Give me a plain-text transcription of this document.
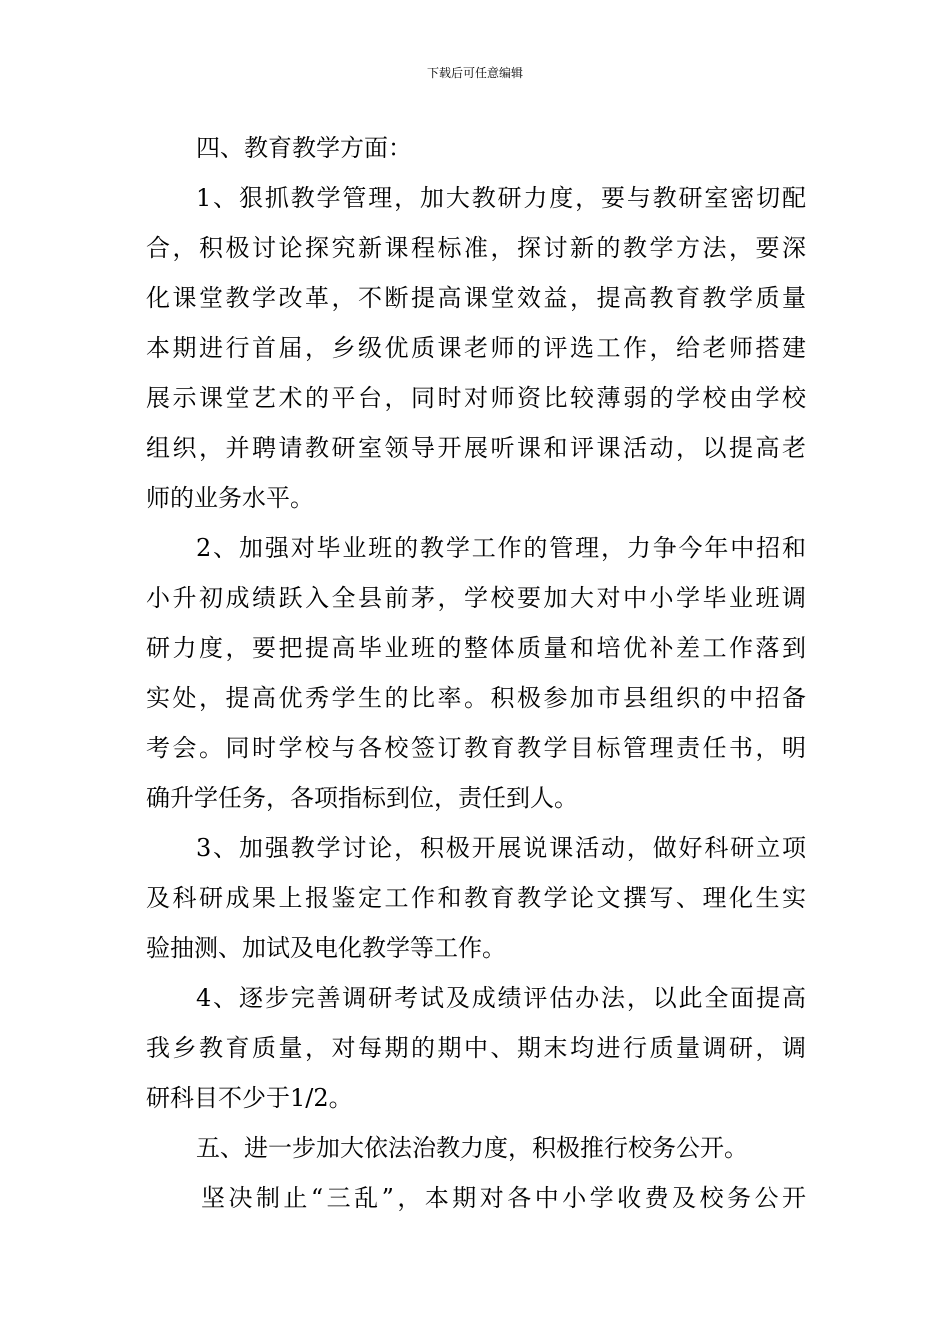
下载后可任意编辑
四、教育教学方面：
1、狠抓教学管理，加大教研力度，要与教研室密切配
合，积极讨论探究新课程标准，探讨新的教学方法，要深
化课堂教学改革，不断提高课堂效益，提高教育教学质量
本期进行首届，乡级优质课老师的评选工作，给老师搭建
展示课堂艺术的平台，同时对师资比较薄弱的学校由学校
组织，并聘请教研室领导开展听课和评课活动，以提高老
师的业务水平。
2、加强对毕业班的教学工作的管理，力争今年中招和
小升初成绩跃入全县前茅，学校要加大对中小学毕业班调
研力度，要把提高毕业班的整体质量和培优补差工作落到
实处，提高优秀学生的比率。积极参加市县组织的中招备
考会。同时学校与各校签订教育教学目标管理责任书，明
确升学任务，各项指标到位，责任到人。
3、加强教学讨论，积极开展说课活动，做好科研立项
及科研成果上报鉴定工作和教育教学论文撰写、理化生实
验抽测、加试及电化教学等工作。
4、逐步完善调研考试及成绩评估办法，以此全面提高
我乡教育质量，对每期的期中、期末均进行质量调研，调
研科目不少于1/2。
五、进一步加大依法治教力度，积极推行校务公开。
坚决制止“三乱”，本期对各中小学收费及校务公开
